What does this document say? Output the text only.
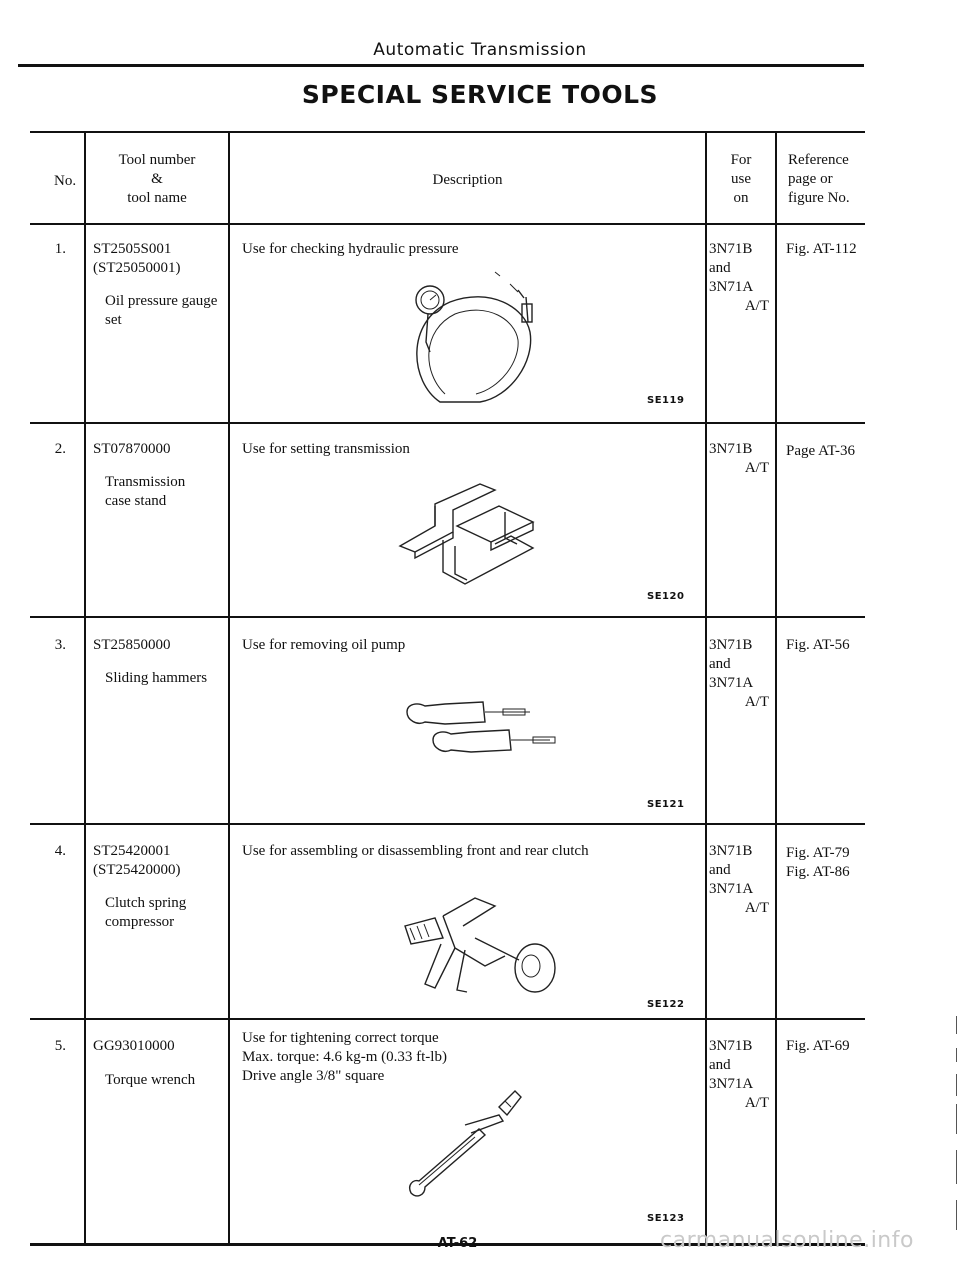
Automatic Transmission
SPECIAL SERVICE TOOLS
No.
Tool number
&
tool name
Description
For
use
on
Reference
page or
figure No.
1. ST2505S001
(ST25050001)
Oil pressure gauge
set
Use for checking hydraulic pressure
SE119
3N71B
and
3N71A
A/T
Fig. AT-112
2. ST07870000
Transmission
case stand
Use for setting transmission
SE120
3N71B
A/T
Page AT-36
3. ST25850000
Sliding hammers
Use for removing oil pump
SE121
3N71B
and
3N71A
A/T
Fig. AT-56
4. ST25420001
(ST25420000)
Clutch spring
compressor
Use for assembling or disassembling front and rear clutch
SE122
3N71B
and
3N71A
A/T
Fig. AT-79
Fig. AT-86
5. GG93010000
Torque wrench
Use for tightening correct torque
Max. torque: 4.6 kg-m (0.33 ft-lb)
Drive angle 3/8" square
SE123
3N71B
and
3N71A
A/T
Fig. AT-69
AT-62	carmanualsonline.info
